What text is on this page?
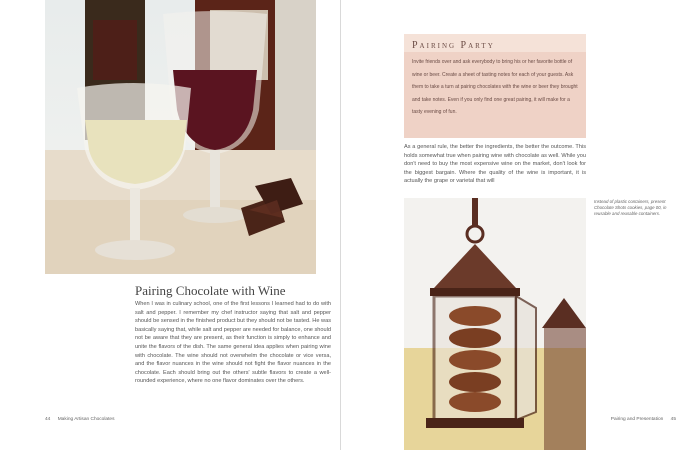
Pairing Chocolate with Wine
When I was in culinary school, one of the first lessons I learned had to do with salt and pepper. I remember my chef instructor saying that salt and pepper should be sensed in the finished product but they should not be tasted. He was basically saying that, while salt and pepper are needed for balance, one should not be aware that they are present, as their function is simply to enhance and unite the flavors of the dish. The same general idea applies when pairing wine with chocolate. The wine should not overwhelm the chocolate or vice versa, and the flavor nuances in the wine should not fight the flavor nuances in the chocolate. Each should bring out the others' subtle flavors to create a well-rounded experience, where no one flavor dominates over the others.
44 Making Artisan Chocolates
Pairing Party
Invite friends over and ask everybody to bring his or her favorite bottle of wine or beer. Create a sheet of tasting notes for each of your guests. Ask them to take a turn at pairing chocolates with the wine or beer they brought and take notes. Even if you only find one great pairing, it will make for a tasty evening of fun.
As a general rule, the better the ingredients, the better the outcome. This holds somewhat true when pairing wine with chocolate as well. While you don't need to buy the most expensive wine on the market, don't look for the biggest bargain. Where the quality of the wine is important, it is actually the grape or varietal that will
Instead of plastic containers, present Chocolate Shots cookies, page 00, in reusable and reusable containers.
Pairing and Presentation 45
